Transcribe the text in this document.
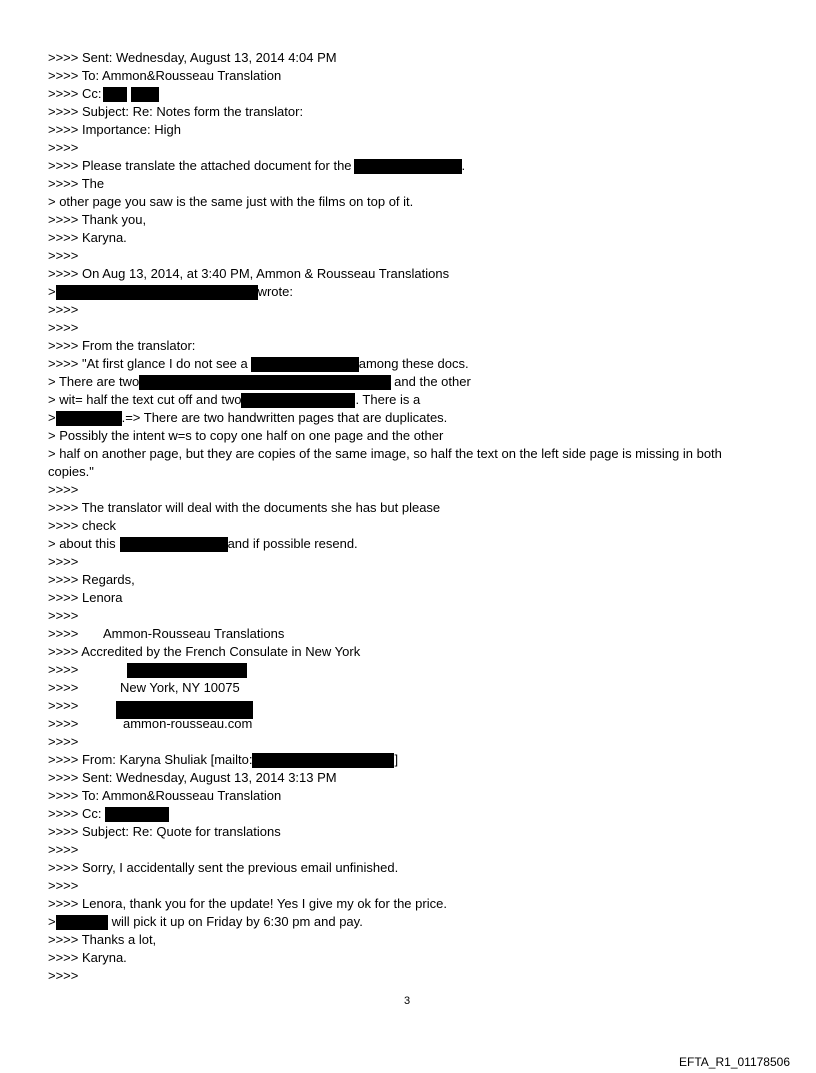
>>>> Sent: Wednesday, August 13, 2014 4:04 PM
>>>> To: Ammon&Rousseau Translation
>>>> Cc:
>>>> Subject: Re: Notes form the translator:
>>>> Importance: High
>>>>
>>>> Please translate the attached document for the	.
>>>> The
> other page you saw is the same just with the films on top of it.
>>>> Thank you,
>>>> Karyna.
>>>>
>>>> On Aug 13, 2014, at 3:40 PM, Ammon & Rousseau Translations
>	wrote:
>>>>
>>>>
>>>> From the translator:
>>>> "At first glance I do not see a	among these docs.
> There are two	and the other
> wit= half the text cut off and two	. There is a
>	.=> There are two handwritten pages that are duplicates.
> Possibly the intent w=s to copy one half on one page and the other
> half on another page, but they are copies of the same image, so half the text on the left side page is missing in both
copies."
>>>>
>>>> The translator will deal with the documents she has but please
>>>> check
> about this	and if possible resend.
>>>>
>>>> Regards,
>>>> Lenora
>>>>
>>>> Ammon-Rousseau Translations
>>>> Accredited by the French Consulate in New York
>>>>
>>>>	New York, NY 10075
>>>>
>>>>	ammon-rousseau.com
>>>>
>>>> From: Karyna Shuliak [mailto:	]
>>>> Sent: Wednesday, August 13, 2014 3:13 PM
>>>> To: Ammon&Rousseau Translation
>>>> Cc:
>>>> Subject: Re: Quote for translations
>>>>
>>>> Sorry, I accidentally sent the previous email unfinished.
>>>>
>>>> Lenora, thank you for the update! Yes I give my ok for the price.
>	will pick it up on Friday by 6:30 pm and pay.
>>>> Thanks a lot,
>>>> Karyna.
>>>>
3
EFTA_R1_01178506
